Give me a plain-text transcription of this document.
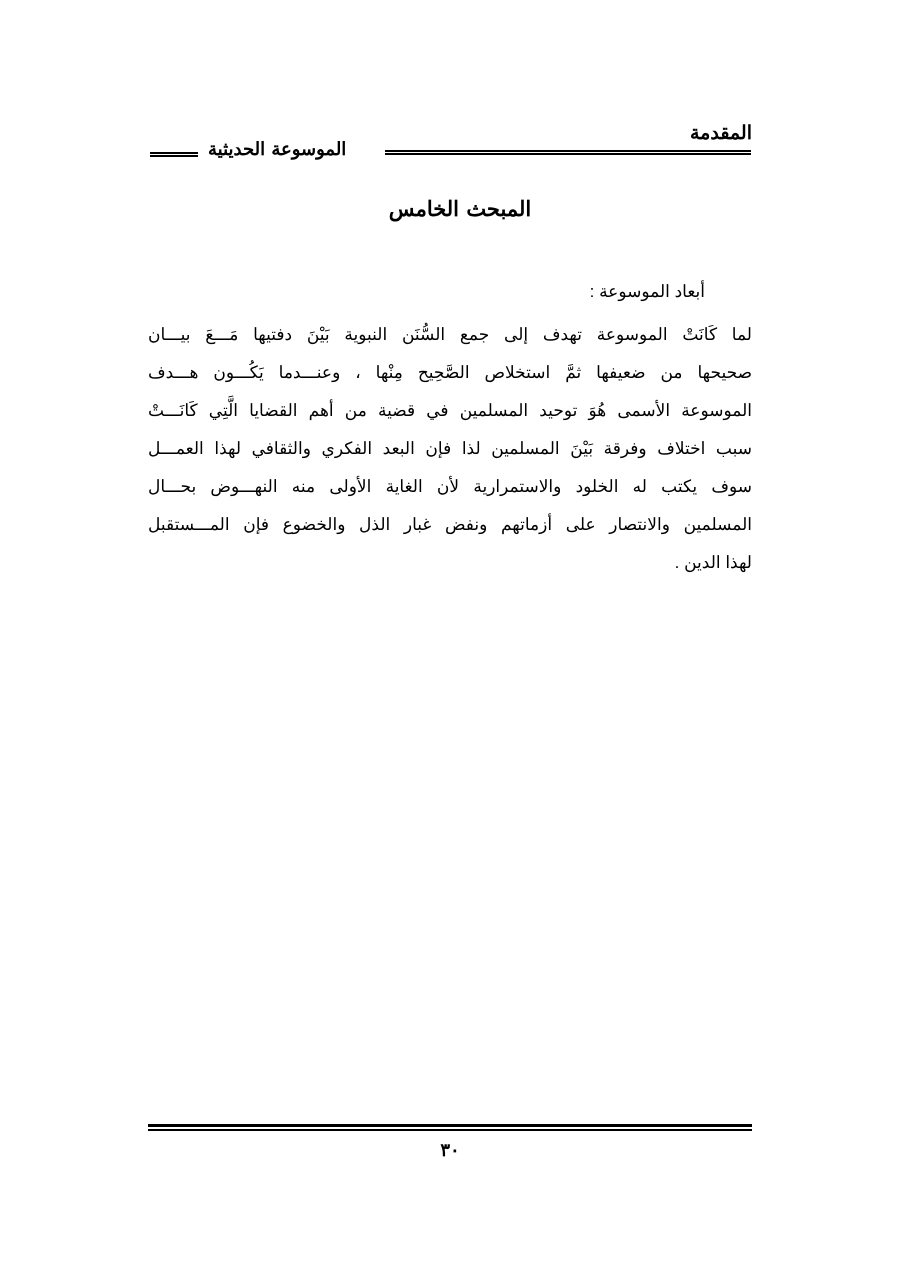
المقدمة
الموسوعة الحديثية
المبحث الخامس

أبعاد الموسوعة :

لما كَانَتْ الموسوعة تهدف إلى جمع السُّنَن النبوية بَيْنَ دفتيها مَـــعَ بيـــان
صحيحها من ضعيفها ثمَّ استخلاص الصَّحِيح مِنْها ، وعنـــدما يَكُـــون هـــدف
الموسوعة الأسمى هُوَ توحيد المسلمين في قضية من أهم القضايا الَّتِي كَانَـــتْ
سبب اختلاف وفرقة بَيْنَ المسلمين لذا فإن البعد الفكري والثقافي لهذا العمـــل
سوف يكتب له الخلود والاستمرارية لأن الغاية الأولى منه النهـــوض بحـــال
المسلمين والانتصار على أزماتهم ونفض غبار الذل والخضوع فإن المـــستقبل
لهذا الدين .
٣٠
